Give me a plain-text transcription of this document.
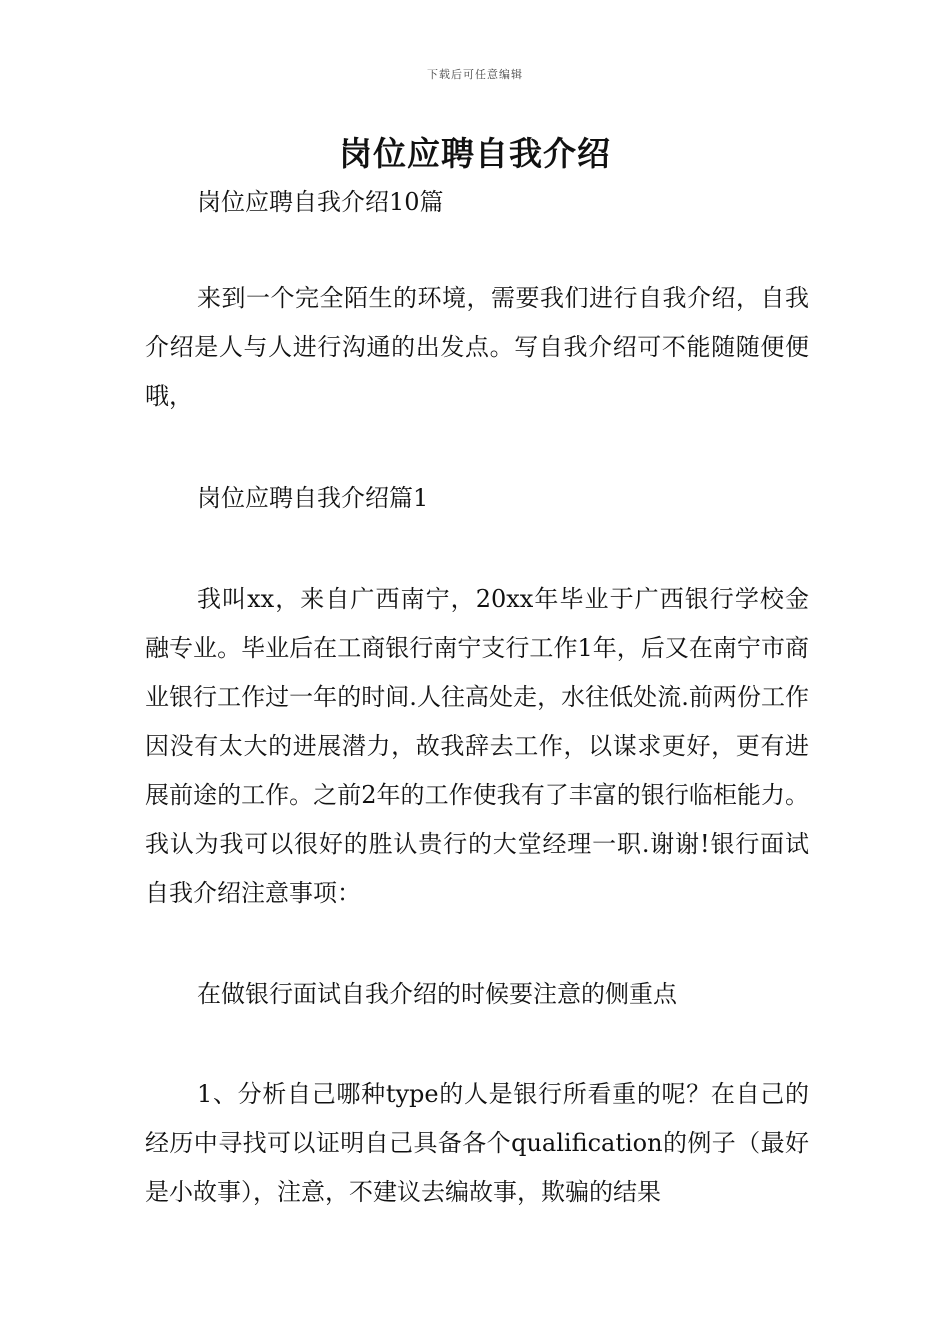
下载后可任意编辑
岗位应聘自我介绍

岗位应聘自我介绍10篇

来到一个完全陌生的环境，需要我们进行自我介绍，自我介绍是人与人进行沟通的出发点。写自我介绍可不能随随便便哦，

岗位应聘自我介绍篇1

我叫xx，来自广西南宁，20xx年毕业于广西银行学校金融专业。毕业后在工商银行南宁支行工作1年，后又在南宁市商业银行工作过一年的时间.人往高处走，水往低处流.前两份工作因没有太大的进展潜力，故我辞去工作，以谋求更好，更有进展前途的工作。之前2年的工作使我有了丰富的银行临柜能力。我认为我可以很好的胜认贵行的大堂经理一职.谢谢!银行面试自我介绍注意事项：

在做银行面试自我介绍的时候要注意的侧重点

1、分析自己哪种type的人是银行所看重的呢？在自己的经历中寻找可以证明自己具备各个qualification的例子（最好是小故事），注意，不建议去编故事，欺骗的结果
